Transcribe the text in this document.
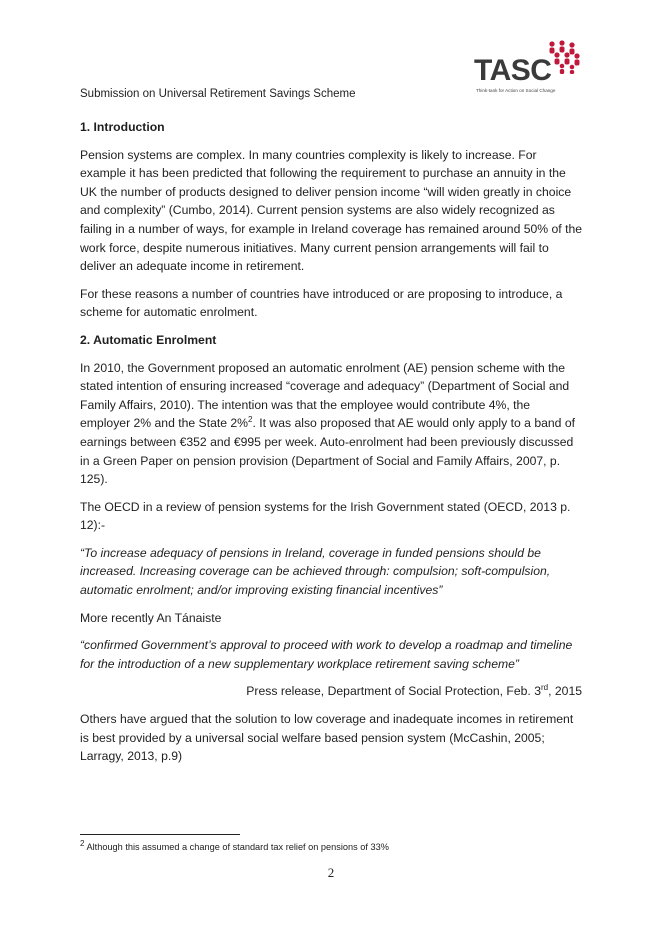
TASC
Think-tank for Action on Social Change
Submission on Universal Retirement Savings Scheme
1. Introduction

Pension systems are complex. In many countries complexity is likely to increase. For example it has been predicted that following the requirement to purchase an annuity in the UK the number of products designed to deliver pension income “will widen greatly in choice and complexity” (Cumbo, 2014). Current pension systems are also widely recognized as failing in a number of ways, for example in Ireland coverage has remained around 50% of the work force, despite numerous initiatives. Many current pension arrangements will fail to deliver an adequate income in retirement.

For these reasons a number of countries have introduced or are proposing to introduce, a scheme for automatic enrolment.

2. Automatic Enrolment

In 2010, the Government proposed an automatic enrolment (AE) pension scheme with the stated intention of ensuring increased “coverage and adequacy” (Department of Social and Family Affairs, 2010). The intention was that the employee would contribute 4%, the employer 2% and the State 2%$^2$. It was also proposed that AE would only apply to a band of earnings between €352 and €995 per week. Auto-enrolment had been previously discussed in a Green Paper on pension provision (Department of Social and Family Affairs, 2007, p. 125).

The OECD in a review of pension systems for the Irish Government stated (OECD, 2013 p. 12):-

“To increase adequacy of pensions in Ireland, coverage in funded pensions should be increased. Increasing coverage can be achieved through: compulsion; soft-compulsion, automatic enrolment; and/or improving existing financial incentives”

More recently An Tánaiste

“confirmed Government’s approval to proceed with work to develop a roadmap and timeline for the introduction of a new supplementary workplace retirement saving scheme”

Press release, Department of Social Protection, Feb. 3rd, 2015

Others have argued that the solution to low coverage and inadequate incomes in retirement is best provided by a universal social welfare based pension system (McCashin, 2005; Larragy, 2013, p.9)

$^2$ Although this assumed a change of standard tax relief on pensions of 33%
2
